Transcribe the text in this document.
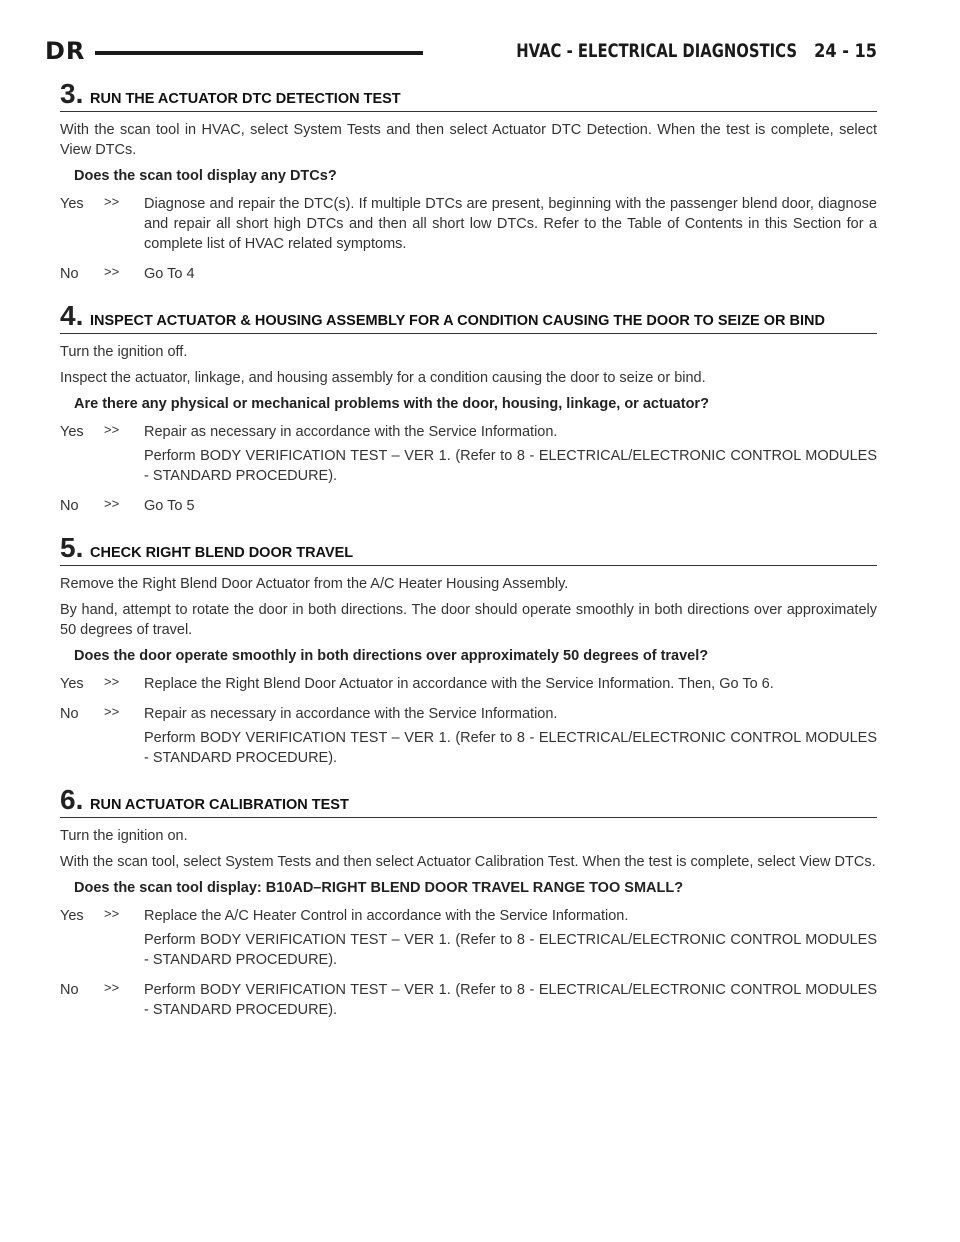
DR	HVAC - ELECTRICAL DIAGNOSTICS 24 - 15
3. RUN THE ACTUATOR DTC DETECTION TEST

With the scan tool in HVAC, select System Tests and then select Actuator DTC Detection. When the test is complete, select View DTCs.

Does the scan tool display any DTCs?

Yes	>>	Diagnose and repair the DTC(s). If multiple DTCs are present, beginning with the passenger blend door, diagnose and repair all short high DTCs and then all short low DTCs. Refer to the Table of Contents in this Section for a complete list of HVAC related symptoms.

No	>>	Go To 4

4. INSPECT ACTUATOR & HOUSING ASSEMBLY FOR A CONDITION CAUSING THE DOOR TO SEIZE OR BIND

Turn the ignition off.

Inspect the actuator, linkage, and housing assembly for a condition causing the door to seize or bind.

Are there any physical or mechanical problems with the door, housing, linkage, or actuator?

Yes	>>	Repair as necessary in accordance with the Service Information.

Perform BODY VERIFICATION TEST – VER 1. (Refer to 8 - ELECTRICAL/ELECTRONIC CONTROL MODULES - STANDARD PROCEDURE).

No	>>	Go To 5

5. CHECK RIGHT BLEND DOOR TRAVEL

Remove the Right Blend Door Actuator from the A/C Heater Housing Assembly.

By hand, attempt to rotate the door in both directions. The door should operate smoothly in both directions over approximately 50 degrees of travel.

Does the door operate smoothly in both directions over approximately 50 degrees of travel?

Yes	>>	Replace the Right Blend Door Actuator in accordance with the Service Information. Then, Go To 6.

No	>>	Repair as necessary in accordance with the Service Information.

Perform BODY VERIFICATION TEST – VER 1. (Refer to 8 - ELECTRICAL/ELECTRONIC CONTROL MODULES - STANDARD PROCEDURE).

6. RUN ACTUATOR CALIBRATION TEST

Turn the ignition on.

With the scan tool, select System Tests and then select Actuator Calibration Test. When the test is complete, select View DTCs.

Does the scan tool display: B10AD–RIGHT BLEND DOOR TRAVEL RANGE TOO SMALL?

Yes	>>	Replace the A/C Heater Control in accordance with the Service Information.

Perform BODY VERIFICATION TEST – VER 1. (Refer to 8 - ELECTRICAL/ELECTRONIC CONTROL MODULES - STANDARD PROCEDURE).

No	>>	Perform BODY VERIFICATION TEST – VER 1. (Refer to 8 - ELECTRICAL/ELECTRONIC CONTROL MODULES - STANDARD PROCEDURE).
